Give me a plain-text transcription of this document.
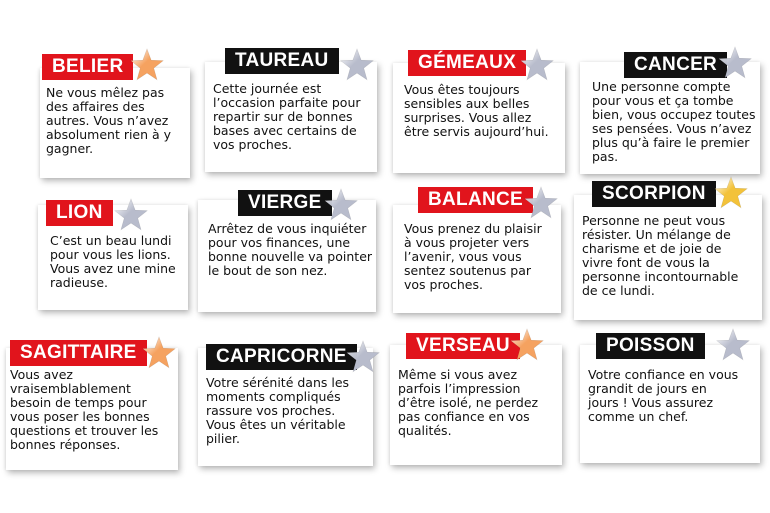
BELIER
Ne vous mêlez pas
des affaires des
autres. Vous n’avez
absolument rien à y
gagner.
TAUREAU
Cette journée est
l’occasion parfaite pour
repartir sur de bonnes
bases avec certains de
vos proches.
GÉMEAUX
Vous êtes toujours
sensibles aux belles
surprises. Vous allez
être servis aujourd’hui.
CANCER
Une personne compte
pour vous et ça tombe
bien, vous occupez toutes
ses pensées. Vous n’avez
plus qu’à faire le premier
pas.
LION
C’est un beau lundi
pour vous les lions.
Vous avez une mine
radieuse.
VIERGE
Arrêtez de vous inquiéter
pour vos finances, une
bonne nouvelle va pointer
le bout de son nez.
BALANCE
Vous prenez du plaisir
à vous projeter vers
l’avenir, vous vous
sentez soutenus par
vos proches.
SCORPION
Personne ne peut vous
résister. Un mélange de
charisme et de joie de
vivre font de vous la
personne incontournable
de ce lundi.
SAGITTAIRE
Vous avez
vraisemblablement
besoin de temps pour
vous poser les bonnes
questions et trouver les
bonnes réponses.
CAPRICORNE
Votre sérénité dans les
moments compliqués
rassure vos proches.
Vous êtes un véritable
pilier.
VERSEAU
Même si vous avez
parfois l’impression
d’être isolé, ne perdez
pas confiance en vos
qualités.
POISSON
Votre confiance en vous
grandit de jours en
jours ! Vous assurez
comme un chef.
